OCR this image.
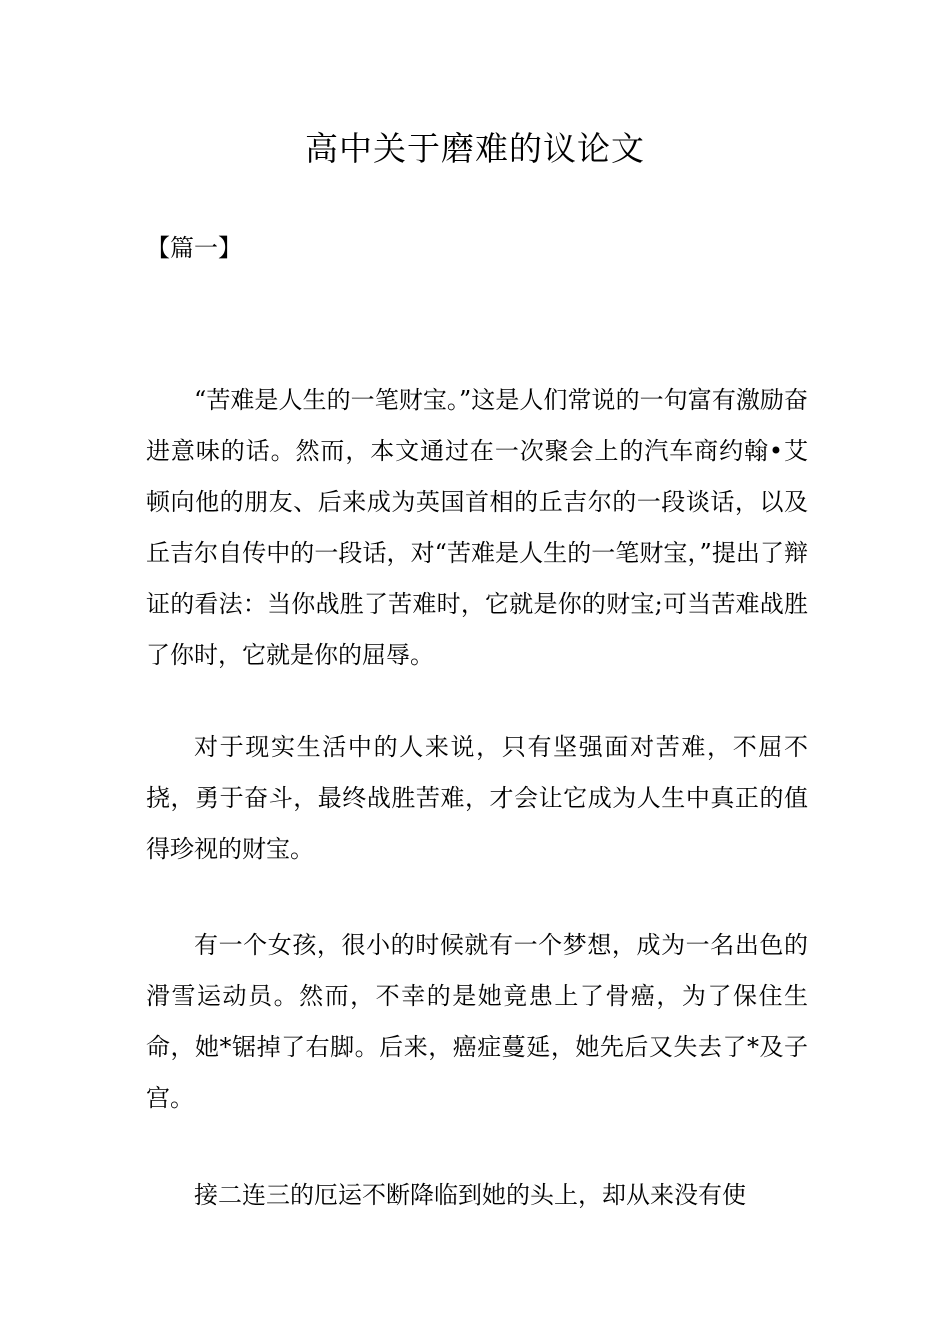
高中关于磨难的议论文
【篇一】

“苦难是人生的一笔财宝。”这是人们常说的一句富有激励奋进意味的话。然而，本文通过在一次聚会上的汽车商约翰•艾顿向他的朋友、后来成为英国首相的丘吉尔的一段谈话，以及丘吉尔自传中的一段话，对“苦难是人生的一笔财宝，”提出了辩证的看法：当你战胜了苦难时，它就是你的财宝;可当苦难战胜了你时，它就是你的屈辱。

对于现实生活中的人来说，只有坚强面对苦难，不屈不挠，勇于奋斗，最终战胜苦难，才会让它成为人生中真正的值得珍视的财宝。

有一个女孩，很小的时候就有一个梦想，成为一名出色的滑雪运动员。然而，不幸的是她竟患上了骨癌，为了保住生命，她*锯掉了右脚。后来，癌症蔓延，她先后又失去了*及子宫。

接二连三的厄运不断降临到她的头上，却从来没有使
